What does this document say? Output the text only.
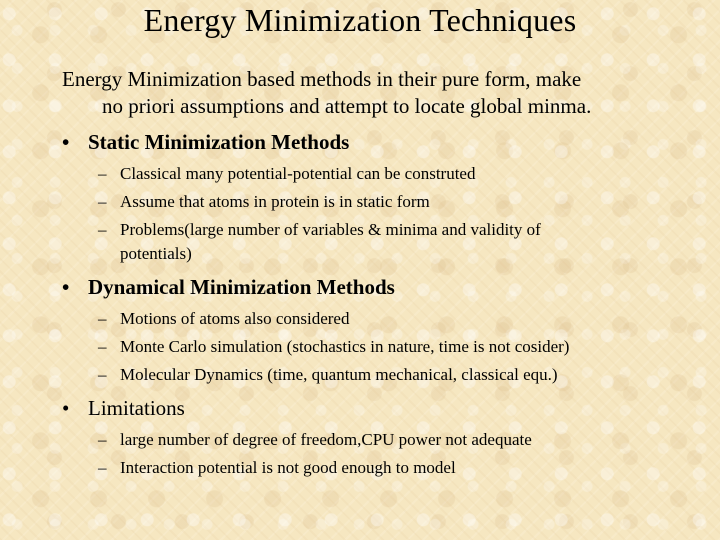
Energy Minimization Techniques
Energy Minimization based methods in their pure form, make
no priori assumptions and attempt to locate global minma.
• Static Minimization Methods
– Classical many potential-potential can be construted
– Assume that atoms in protein is in static form
– Problems(large number of variables & minima and validity of
potentials)
• Dynamical Minimization Methods
– Motions of atoms also considered
– Monte Carlo simulation (stochastics in nature, time is not cosider)
– Molecular Dynamics (time, quantum mechanical, classical equ.)
• Limitations
– large number of degree of freedom,CPU power not adequate
– Interaction potential is not good enough to model
